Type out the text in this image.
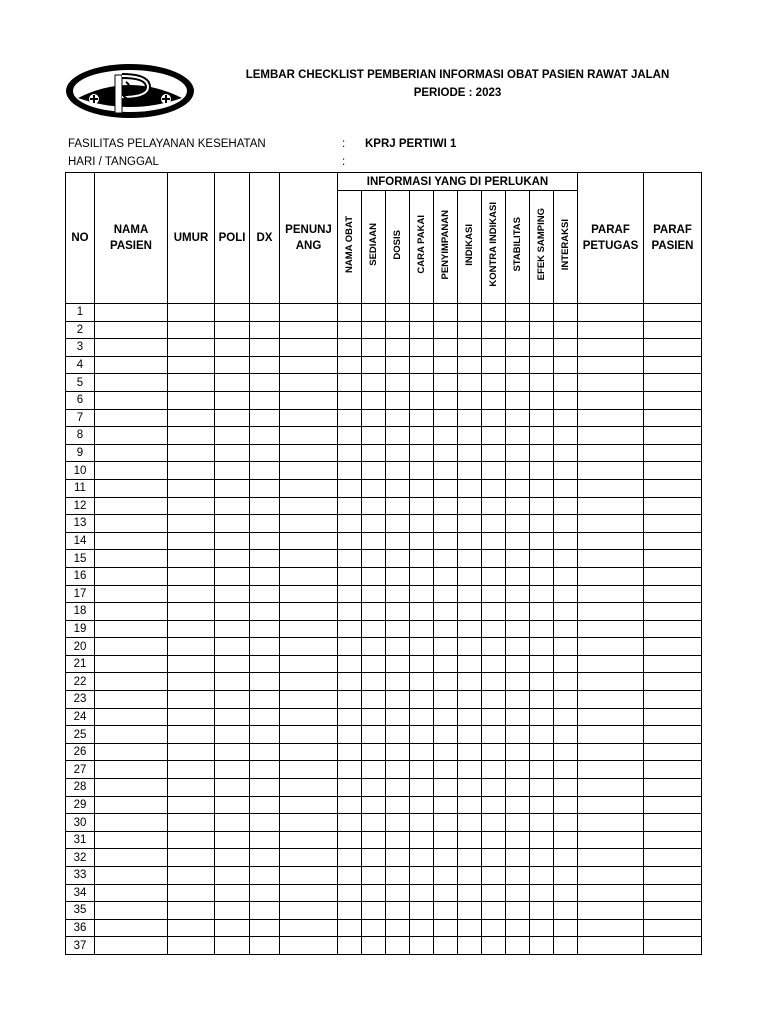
LEMBAR CHECKLIST PEMBERIAN INFORMASI OBAT PASIEN RAWAT JALAN
PERIODE : 2023
FASILITAS PELAYANAN KESEHATAN	: KPRJ PERTIWI 1
HARI / TANGGAL	:
NO	NAMA PASIEN	UMUR	POLI	DX	PENUNJ ANG	INFORMASI YANG DI PERLUKAN										PARAF PETUGAS	PARAF PASIEN
						NAMA OBAT	SEDIAAN	DOSIS	CARA PAKAI	PENYIMPANAN	INDIKASI	KONTRA INDIKASI	STABILITAS	EFEK SAMPING	INTERAKSI		
1																	
2																	
3																	
4																	
5																	
6																	
7																	
8																	
9																	
10																	
11																	
12																	
13																	
14																	
15																	
16																	
17																	
18																	
19																	
20																	
21																	
22																	
23																	
24																	
25																	
26																	
27																	
28																	
29																	
30																	
31																	
32																	
33																	
34																	
35																	
36																	
37																	
